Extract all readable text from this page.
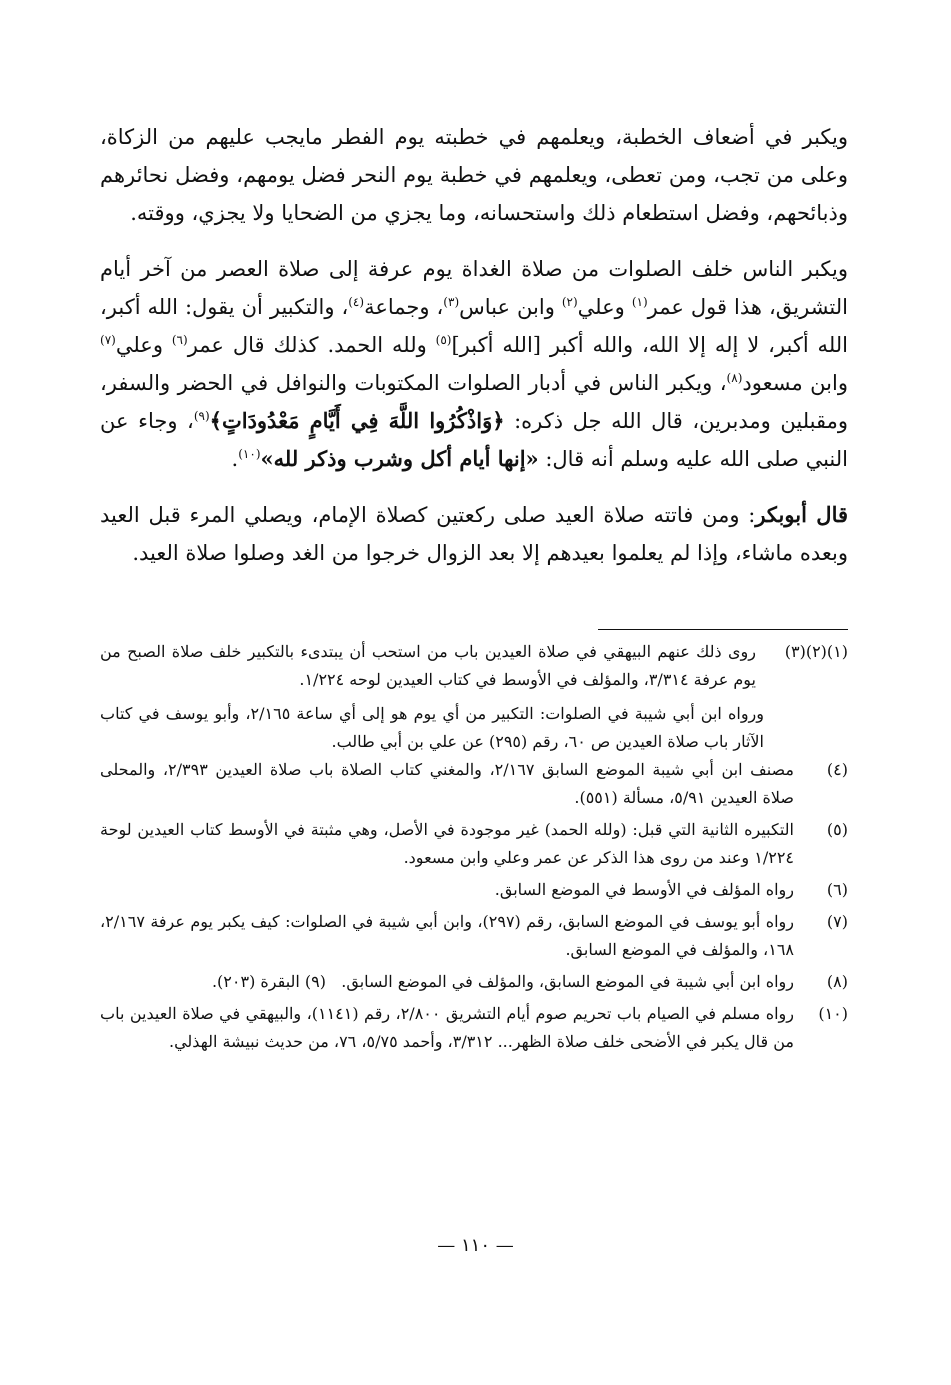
ويكبر في أضعاف الخطبة، ويعلمهم في خطبته يوم الفطر مايجب عليهم من الزكاة، وعلى من تجب، ومن تعطى، ويعلمهم في خطبة يوم النحر فضل يومهم، وفضل نحائرهم وذبائحهم، وفضل استطعام ذلك واستحسانه، وما يجزي من الضحايا ولا يجزي، ووقته.

ويكبر الناس خلف الصلوات من صلاة الغداة يوم عرفة إلى صلاة العصر من آخر أيام التشريق، هذا قول عمر$^{(١)}$ وعلي$^{(٢)}$ وابن عباس$^{(٣)}$، وجماعة$^{(٤)}$، والتكبير أن يقول: الله أكبر، الله أكبر، لا إله إلا الله، والله أكبر [الله أكبر]$^{(٥)}$ ولله الحمد. كذلك قال عمر$^{(٦)}$ وعلي$^{(٧)}$ وابن مسعود$^{(٨)}$، ويكبر الناس في أدبار الصلوات المكتوبات والنوافل في الحضر والسفر، ومقبلين ومدبرين، قال الله جل ذكره: ﴿وَاذْكُرُوا اللَّهَ فِي أَيَّامٍ مَعْدُودَاتٍ﴾$^{(٩)}$، وجاء عن النبي صلى الله عليه وسلم أنه قال: «إنها أيام أكل وشرب وذكر لله»$^{(١٠)}$.

قال أبوبكر: ومن فاتته صلاة العيد صلى ركعتين كصلاة الإمام، ويصلي المرء قبل العيد وبعده ماشاء، وإذا لم يعلموا بعيدهم إلا بعد الزوال خرجوا من الغد وصلوا صلاة العيد.

(١)(٢)(٣)
روى ذلك عنهم البيهقي في صلاة العيدين باب من استحب أن يبتدىء بالتكبير خلف صلاة الصبح من يوم عرفة ٣/٣١٤، والمؤلف في الأوسط في كتاب العيدين لوحه ١/٢٢٤.
ورواه ابن أبي شيبة في الصلوات: التكبير من أي يوم هو إلى أي ساعة ٢/١٦٥، وأبو يوسف في كتاب الآثار باب صلاة العيدين ص ٦٠، رقم (٢٩٥) عن علي بن أبي طالب.
(٤)
مصنف ابن أبي شيبة الموضع السابق ٢/١٦٧، والمغني كتاب الصلاة باب صلاة العيدين ٢/٣٩٣، والمحلى صلاة العيدين ٥/٩١، مسألة (٥٥١).
(٥)
التكبيره الثانية التي قبل: (ولله الحمد) غير موجودة في الأصل، وهي مثبتة في الأوسط كتاب العيدين لوحة ١/٢٢٤ وعند من روى هذا الذكر عن عمر وعلي وابن مسعود.
(٦)
رواه المؤلف في الأوسط في الموضع السابق.
(٧)
رواه أبو يوسف في الموضع السابق، رقم (٢٩٧)، وابن أبي شيبة في الصلوات: كيف يكبر يوم عرفة ٢/١٦٧، ١٦٨، والمؤلف في الموضع السابق.
(٨)
رواه ابن أبي شيبة في الموضع السابق، والمؤلف في الموضع السابق.   (٩) البقرة (٢٠٣).
(١٠)
رواه مسلم في الصيام باب تحريم صوم أيام التشريق ٢/٨٠٠، رقم (١١٤١)، والبيهقي في صلاة العيدين باب من قال يكبر في الأضحى خلف صلاة الظهر... ٣/٣١٢، وأحمد ٥/٧٥، ٧٦، من حديث نبيشة الهذلي.
— ١١٠ —
